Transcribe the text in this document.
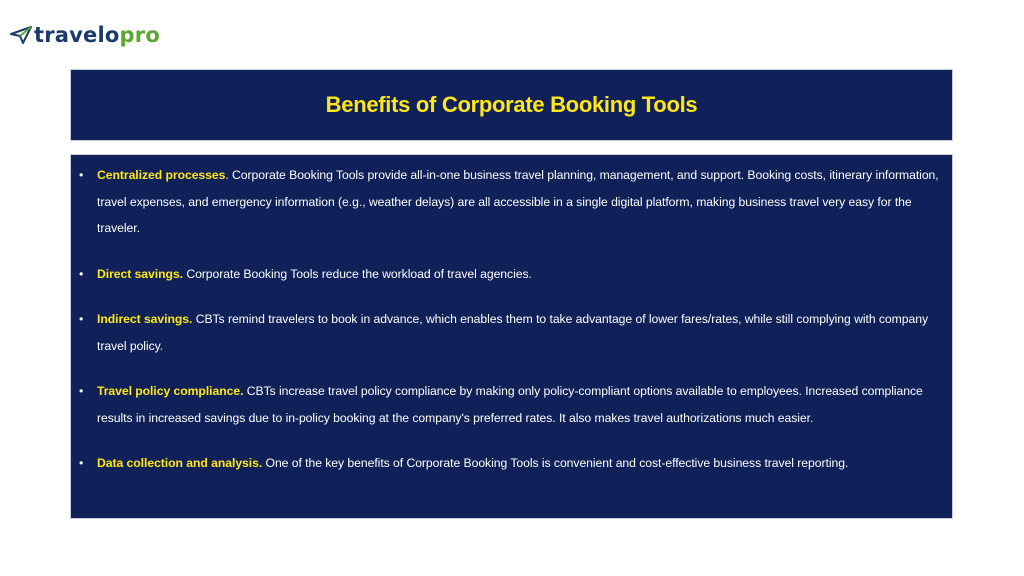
travelopro
Benefits of Corporate Booking Tools
• Centralized processes. Corporate Booking Tools provide all-in-one business travel planning, management, and support. Booking costs, itinerary information, travel expenses, and emergency information (e.g., weather delays) are all accessible in a single digital platform, making business travel very easy for the traveler.
• Direct savings. Corporate Booking Tools reduce the workload of travel agencies.
• Indirect savings. CBTs remind travelers to book in advance, which enables them to take advantage of lower fares/rates, while still complying with company travel policy.
• Travel policy compliance. CBTs increase travel policy compliance by making only policy-compliant options available to employees. Increased compliance results in increased savings due to in-policy booking at the company's preferred rates. It also makes travel authorizations much easier.
• Data collection and analysis. One of the key benefits of Corporate Booking Tools is convenient and cost-effective business travel reporting.
